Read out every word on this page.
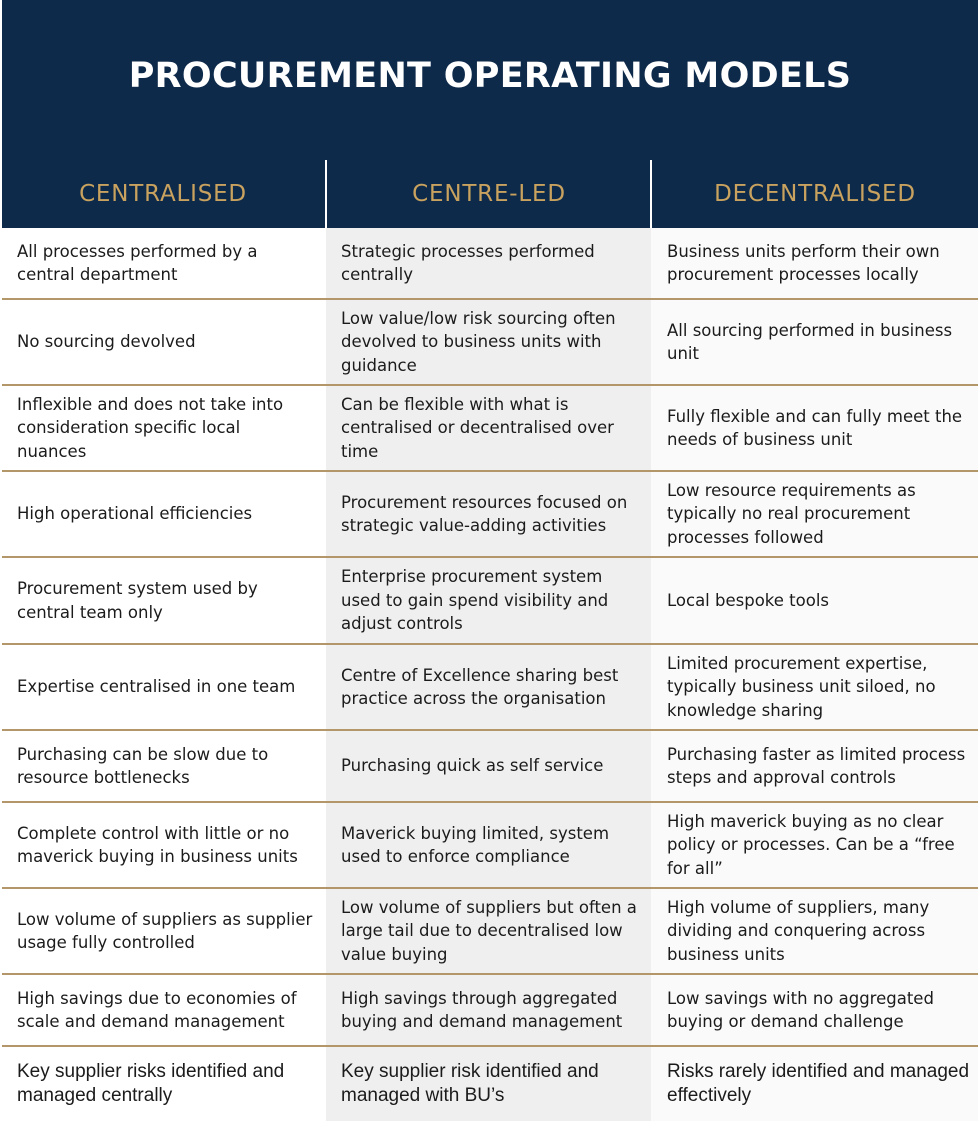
PROCUREMENT OPERATING MODELS
CENTRALISED	CENTRE-LED	DECENTRALISED
All processes performed by a central department
Strategic processes performed centrally
Business units perform their own procurement processes locally
No sourcing devolved
Low value/low risk sourcing often devolved to business units with guidance
All sourcing performed in business unit
Inflexible and does not take into consideration specific local nuances
Can be flexible with what is centralised or decentralised over time
Fully flexible and can fully meet the needs of business unit
High operational efficiencies
Procurement resources focused on strategic value-adding activities
Low resource requirements as typically no real procurement processes followed
Procurement system used by central team only
Enterprise procurement system used to gain spend visibility and adjust controls
Local bespoke tools
Expertise centralised in one team
Centre of Excellence sharing best practice across the organisation
Limited procurement expertise, typically business unit siloed, no knowledge sharing
Purchasing can be slow due to resource bottlenecks
Purchasing quick as self service
Purchasing faster as limited process steps and approval controls
Complete control with little or no maverick buying in business units
Maverick buying limited, system used to enforce compliance
High maverick buying as no clear policy or processes. Can be a “free for all”
Low volume of suppliers as supplier usage fully controlled
Low volume of suppliers but often a large tail due to decentralised low value buying
High volume of suppliers, many dividing and conquering across business units
High savings due to economies of scale and demand management
High savings through aggregated buying and demand management
Low savings with no aggregated buying or demand challenge
Key supplier risks identified and managed centrally
Key supplier risk identified and managed with BU’s
Risks rarely identified and managed effectively
